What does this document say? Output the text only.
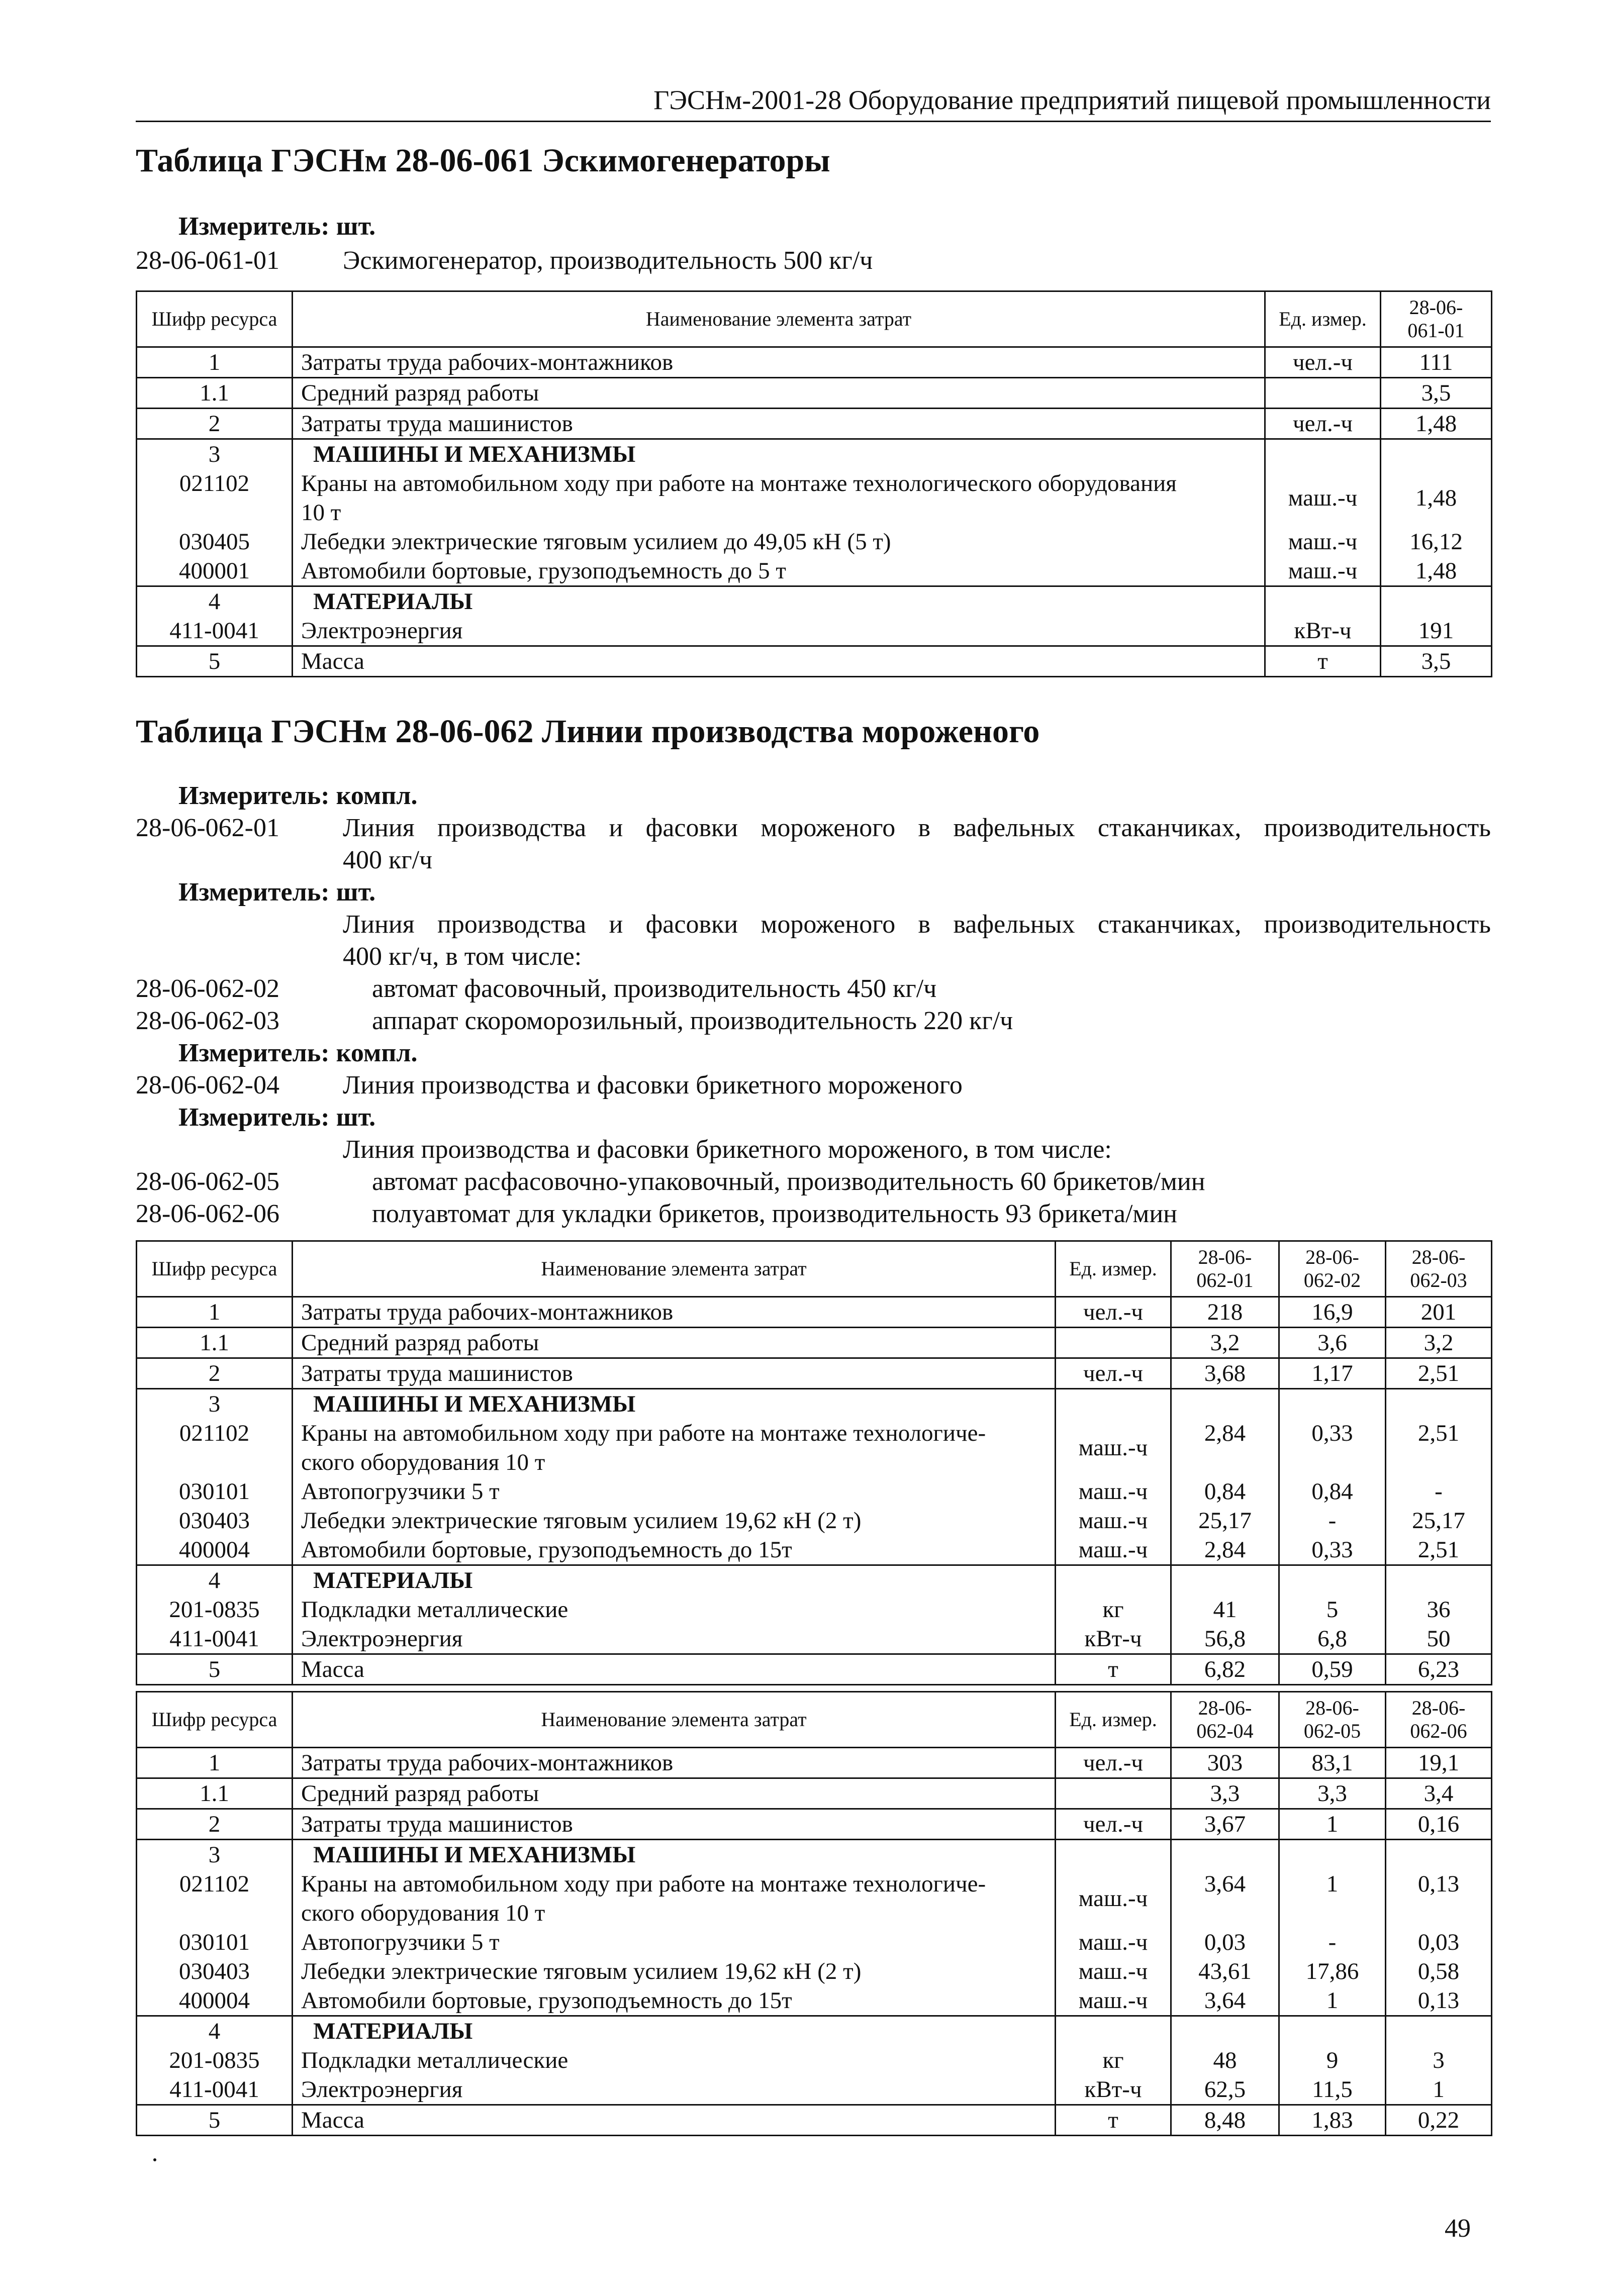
ГЭСНм-2001-28 Оборудование предприятий пищевой промышленности
Таблица ГЭСНм 28-06-061 Эскимогенераторы
Измеритель: шт.
28-06-061-01 Эскимогенератор, производительность 500 кг/ч
Шифр ресурса	Наименование элемента затрат	Ед. измер.	28-06-
061-01
1	Затраты труда рабочих-монтажников	чел.-ч	111
1.1	Средний разряд работы		3,5
2	Затраты труда машинистов	чел.-ч	1,48
3	МАШИНЫ И МЕХАНИЗМЫ		
021102	Краны на автомобильном ходу при работе на монтаже технологического оборудования
10 т	маш.-ч	1,48
030405	Лебедки электрические тяговым усилием до 49,05 кН (5 т)	маш.-ч	16,12
400001	Автомобили бортовые, грузоподъемность до 5 т	маш.-ч	1,48
4	МАТЕРИАЛЫ		
411-0041	Электроэнергия	кВт-ч	191
5	Масса	т	3,5
Таблица ГЭСНм 28-06-062 Линии производства мороженого
Измеритель: компл.
28-06-062-01 Линия производства и фасовки мороженого в вафельных стаканчиках, производительность
400 кг/ч
Измеритель: шт.
Линия производства и фасовки мороженого в вафельных стаканчиках, производительность
400 кг/ч, в том числе:
28-06-062-02	автомат фасовочный, производительность 450 кг/ч
28-06-062-03	аппарат скороморозильный, производительность 220 кг/ч
Измеритель: компл.
28-06-062-04 Линия производства и фасовки брикетного мороженого
Измеритель: шт.
Линия производства и фасовки брикетного мороженого, в том числе:
28-06-062-05	автомат расфасовочно-упаковочный, производительность 60 брикетов/мин
28-06-062-06	полуавтомат для укладки брикетов, производительность 93 брикета/мин
Шифр ресурса	Наименование элемента затрат	Ед. измер.	28-06-
062-01	28-06-
062-02	28-06-
062-03
1	Затраты труда рабочих-монтажников	чел.-ч	218	16,9	201
1.1	Средний разряд работы		3,2	3,6	3,2
2	Затраты труда машинистов	чел.-ч	3,68	1,17	2,51
3	МАШИНЫ И МЕХАНИЗМЫ				
021102	Краны на автомобильном ходу при работе на монтаже технологиче-
ского оборудования 10 т	маш.-ч	2,84	0,33	2,51
030101	Автопогрузчики 5 т	маш.-ч	0,84	0,84	-
030403	Лебедки электрические тяговым усилием 19,62 кН (2 т)	маш.-ч	25,17	-	25,17
400004	Автомобили бортовые, грузоподъемность до 15т	маш.-ч	2,84	0,33	2,51
4	МАТЕРИАЛЫ				
201-0835	Подкладки металлические	кг	41	5	36
411-0041	Электроэнергия	кВт-ч	56,8	6,8	50
5	Масса	т	6,82	0,59	6,23
Шифр ресурса	Наименование элемента затрат	Ед. измер.	28-06-
062-04	28-06-
062-05	28-06-
062-06
1	Затраты труда рабочих-монтажников	чел.-ч	303	83,1	19,1
1.1	Средний разряд работы		3,3	3,3	3,4
2	Затраты труда машинистов	чел.-ч	3,67	1	0,16
3	МАШИНЫ И МЕХАНИЗМЫ				
021102	Краны на автомобильном ходу при работе на монтаже технологиче-
ского оборудования 10 т	маш.-ч	3,64	1	0,13
030101	Автопогрузчики 5 т	маш.-ч	0,03	-	0,03
030403	Лебедки электрические тяговым усилием 19,62 кН (2 т)	маш.-ч	43,61	17,86	0,58
400004	Автомобили бортовые, грузоподъемность до 15т	маш.-ч	3,64	1	0,13
4	МАТЕРИАЛЫ				
201-0835	Подкладки металлические	кг	48	9	3
411-0041	Электроэнергия	кВт-ч	62,5	11,5	1
5	Масса	т	8,48	1,83	0,22
49
